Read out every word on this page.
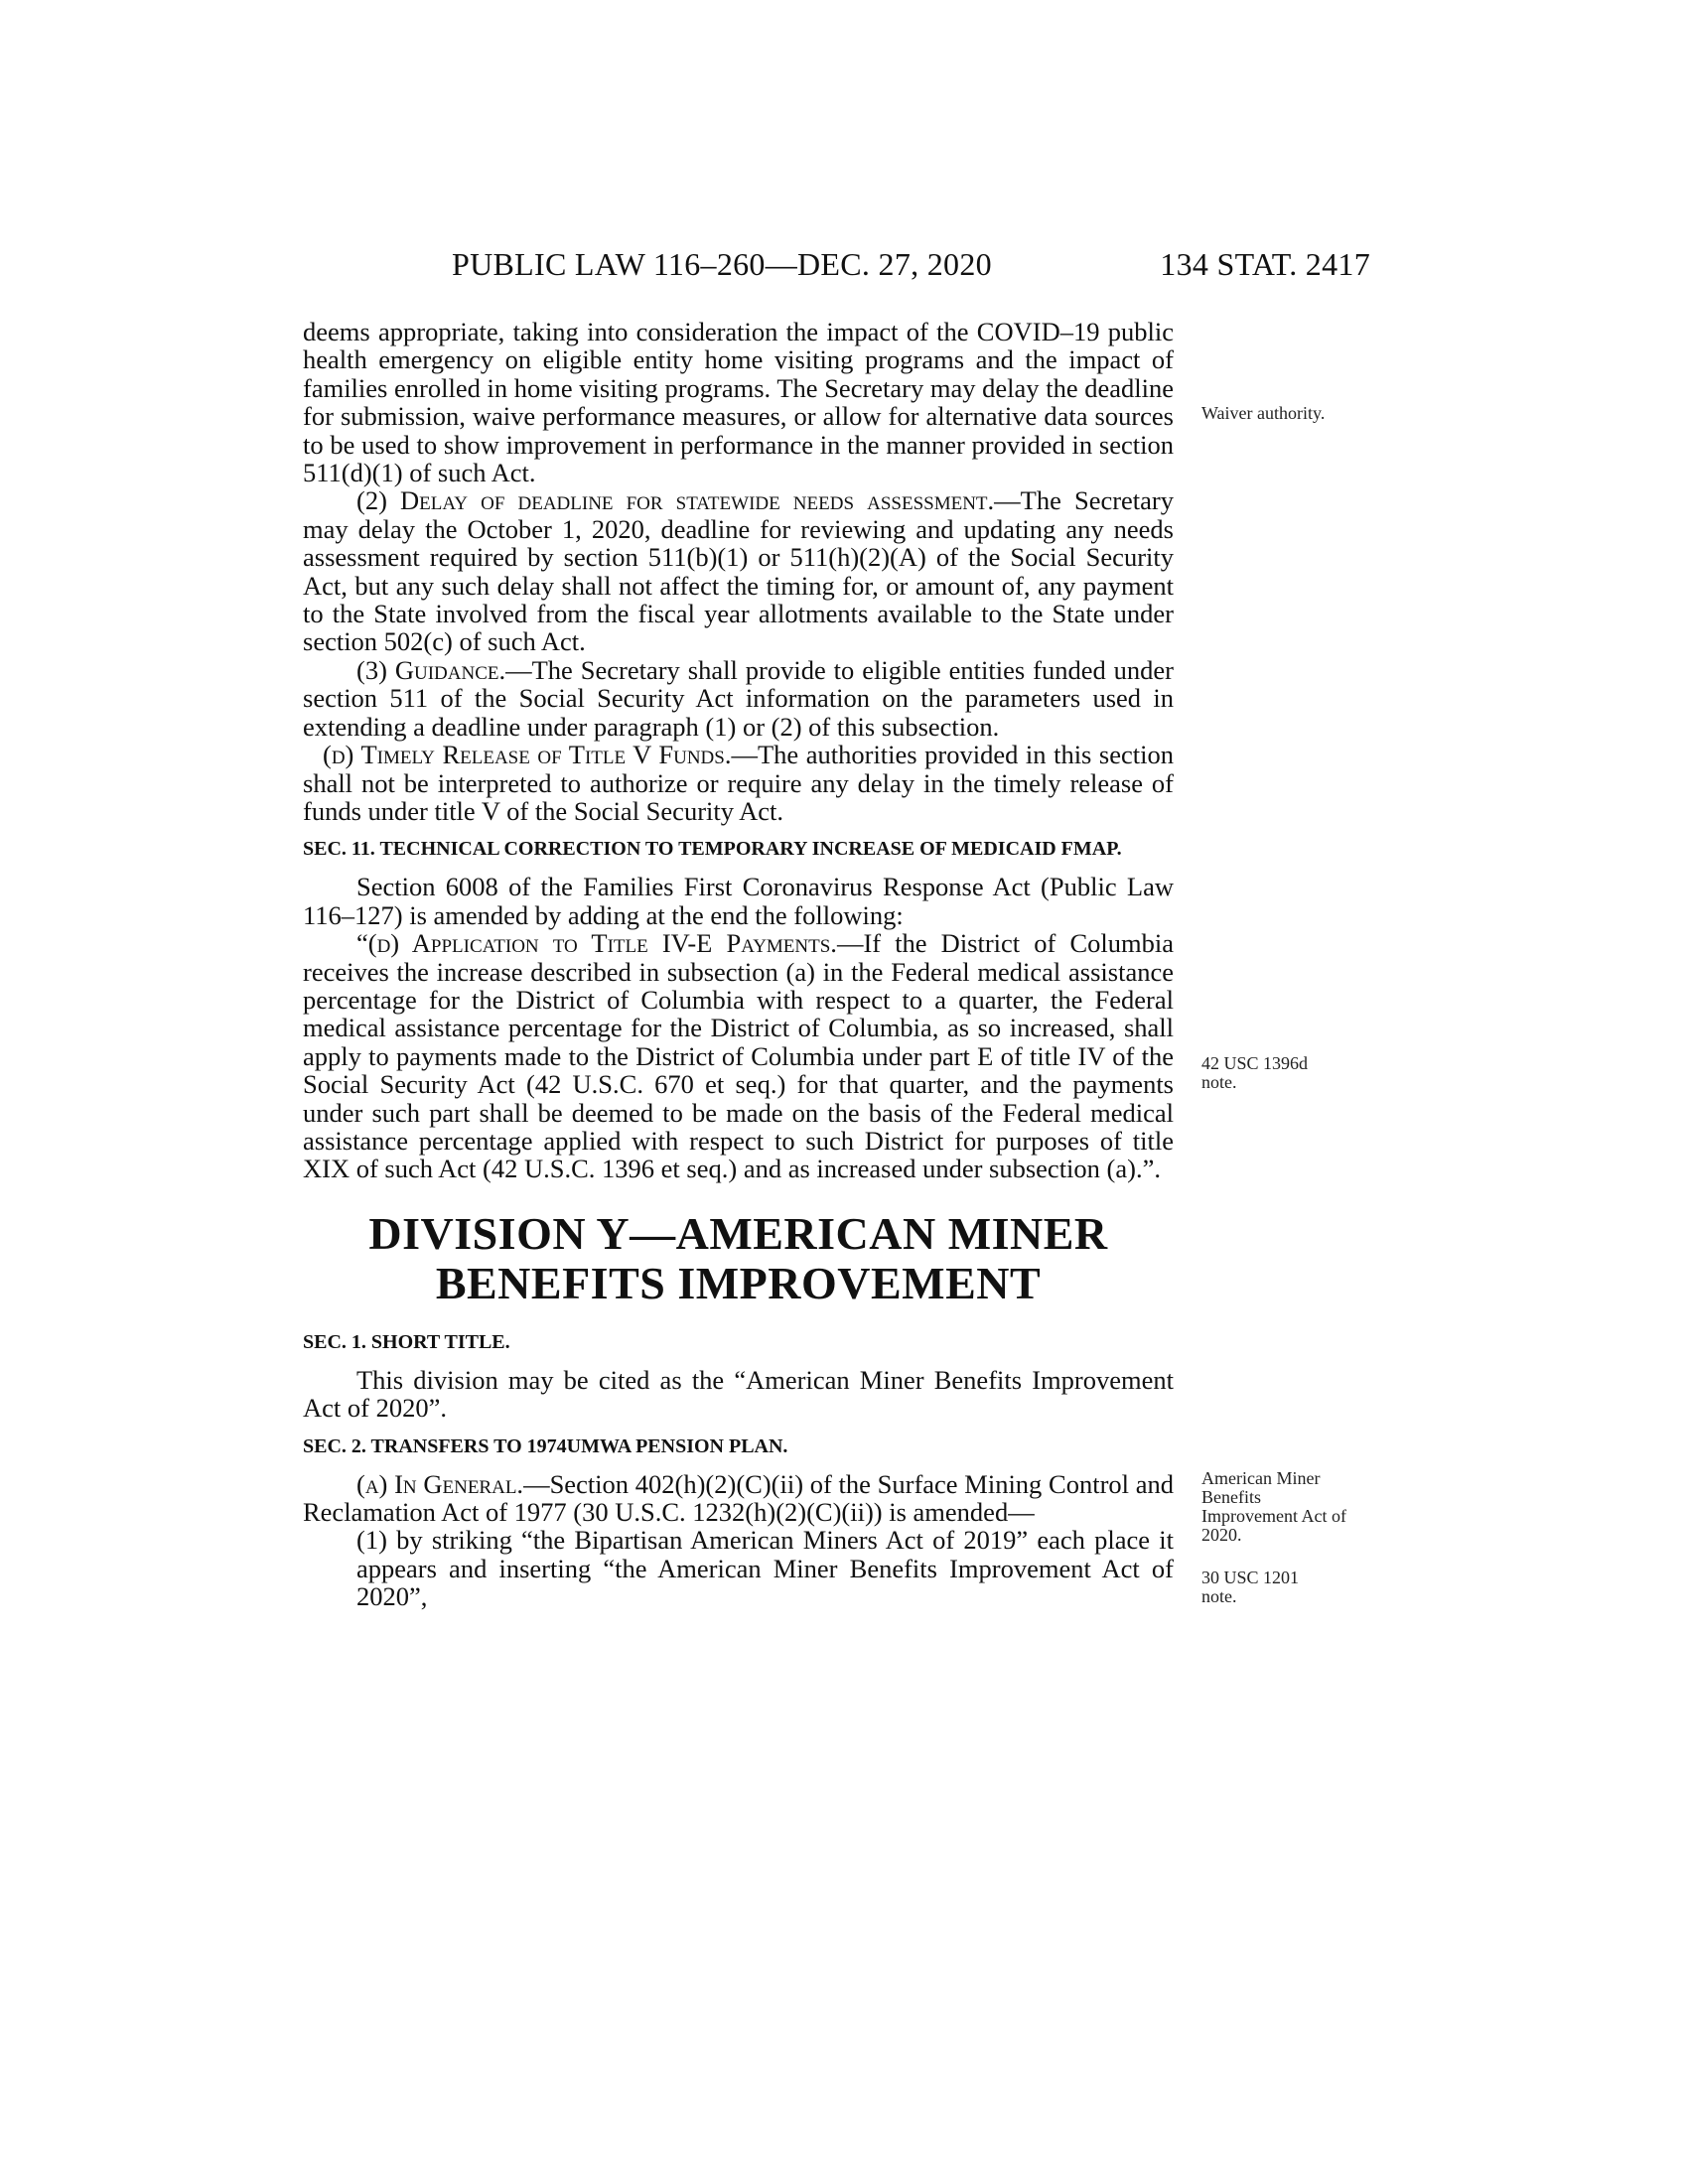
PUBLIC LAW 116–260—DEC. 27, 2020	134 STAT. 2417

deems appropriate, taking into consideration the impact of the COVID–19 public health emergency on eligible entity home visiting programs and the impact of families enrolled in home visiting programs. The Secretary may delay the deadline for submission, waive performance measures, or allow for alternative data sources to be used to show improvement in performance in the manner provided in section 511(d)(1) of such Act.

(2) Delay of deadline for statewide needs assessment.—The Secretary may delay the October 1, 2020, deadline for reviewing and updating any needs assessment required by section 511(b)(1) or 511(h)(2)(A) of the Social Security Act, but any such delay shall not affect the timing for, or amount of, any payment to the State involved from the fiscal year allotments available to the State under section 502(c) of such Act.

(3) Guidance.—The Secretary shall provide to eligible entities funded under section 511 of the Social Security Act information on the parameters used in extending a deadline under paragraph (1) or (2) of this subsection.

(d) Timely Release of Title V Funds.—The authorities provided in this section shall not be interpreted to authorize or require any delay in the timely release of funds under title V of the Social Security Act.

SEC. 11. TECHNICAL CORRECTION TO TEMPORARY INCREASE OF MEDICAID FMAP.

Section 6008 of the Families First Coronavirus Response Act (Public Law 116–127) is amended by adding at the end the following:

“(d) Application to Title IV-E Payments.—If the District of Columbia receives the increase described in subsection (a) in the Federal medical assistance percentage for the District of Columbia with respect to a quarter, the Federal medical assistance percentage for the District of Columbia, as so increased, shall apply to payments made to the District of Columbia under part E of title IV of the Social Security Act (42 U.S.C. 670 et seq.) for that quarter, and the payments under such part shall be deemed to be made on the basis of the Federal medical assistance percentage applied with respect to such District for purposes of title XIX of such Act (42 U.S.C. 1396 et seq.) and as increased under subsection (a).”.

DIVISION Y—AMERICAN MINER
BENEFITS IMPROVEMENT
SEC. 1. SHORT TITLE.

This division may be cited as the “American Miner Benefits Improvement Act of 2020”.

SEC. 2. TRANSFERS TO 1974UMWA PENSION PLAN.

(a) In General.—Section 402(h)(2)(C)(ii) of the Surface Mining Control and Reclamation Act of 1977 (30 U.S.C. 1232(h)(2)(C)(ii)) is amended—

(1) by striking “the Bipartisan American Miners Act of 2019” each place it appears and inserting “the American Miner Benefits Improvement Act of 2020”,

Waiver authority.
42 USC 1396d note.
American Miner Benefits Improvement Act of 2020.
30 USC 1201 note.
